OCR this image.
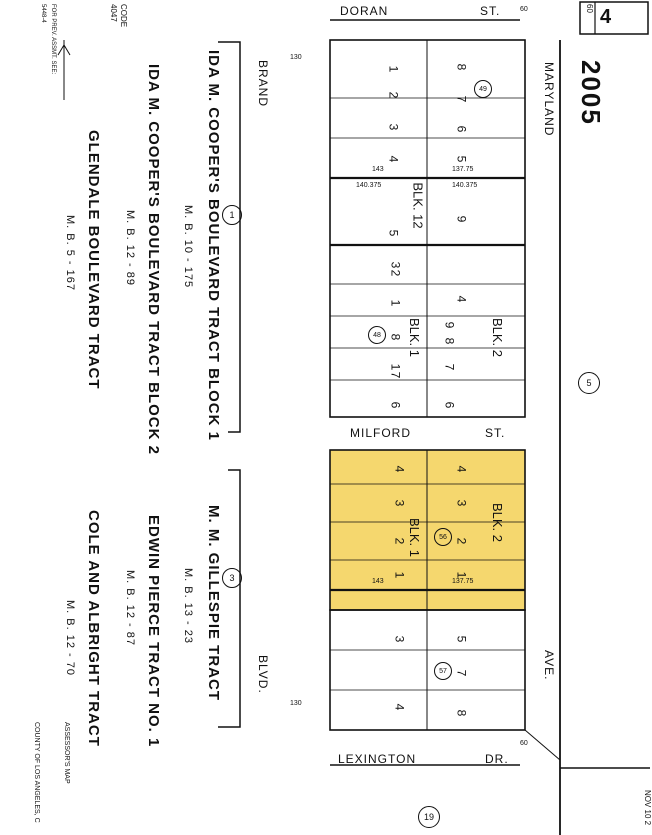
4
60
2005
CODE
4047
FOR PREV. ASSMT. SEE:
5448-4
COUNTY OF LOS ANGELES, C	ASSESSOR'S MAP
NOV 10 2
IDA M. COOPER'S BOULEVARD TRACT BLOCK 1
M. B. 10 - 175	1
IDA M. COOPER'S BOULEVARD TRACT BLOCK 2
M. B. 12 - 89
GLENDALE BOULEVARD TRACT
M. B. 5 - 167
M. M. GILLESPIE TRACT
M. B. 13 - 23	3
EDWIN PIERCE TRACT NO. 1
M. B. 12 - 87
COLE AND ALBRIGHT TRACT
M. B. 12 - 70
DORAN	ST.
MILFORD	ST.
LEXINGTON	DR.
BRAND
BLVD.
MARYLAND
AVE.
5
19
49
48
56
57
BLK. 12
BLK. 1	BLK. 2
BLK. 1	BLK. 2
130
130
60
60
137.75
137.75
140.375	140.375
143
143
1
2
3
4
5
8
7
6
5
9
3
2
1
9
8
7
6
4
1
8
7
6
4
3
2
1
4
3
2
1
3
4
5
7
8
